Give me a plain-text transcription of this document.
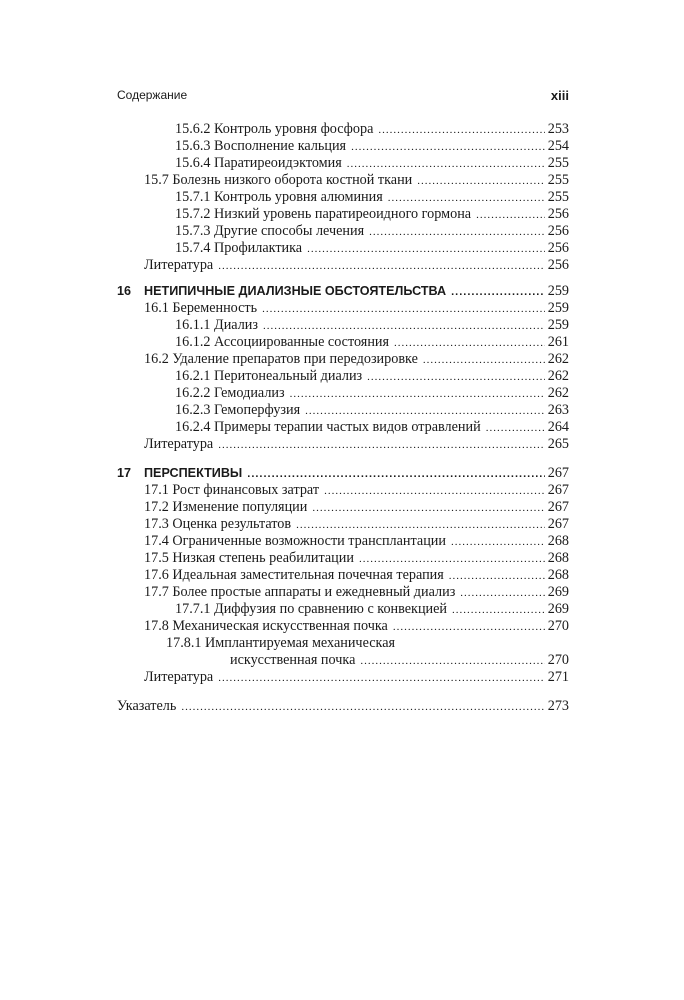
Содержание	xiii
15.6.2 Контроль уровня фосфора .....	253
15.6.3 Восполнение кальция .....	254
15.6.4 Паратиреоидэктомия .....	255
15.7 Болезнь низкого оборота костной ткани .....	255
15.7.1 Контроль уровня алюминия .....	255
15.7.2 Низкий уровень паратиреоидного гормона .....	256
15.7.3 Другие способы лечения .....	256
15.7.4 Профилактика .....	256
Литература .....	256
16 НЕТИПИЧНЫЕ ДИАЛИЗНЫЕ ОБСТОЯТЕЛЬСТВА .....	259
16.1 Беременность .....	259
16.1.1 Диализ .....	259
16.1.2 Ассоциированные состояния .....	261
16.2 Удаление препаратов при передозировке .....	262
16.2.1 Перитонеальный диализ .....	262
16.2.2 Гемодиализ .....	262
16.2.3 Гемоперфузия .....	263
16.2.4 Примеры терапии частых видов отравлений .....	264
Литература .....	265
17 ПЕРСПЕКТИВЫ .....	267
17.1 Рост финансовых затрат .....	267
17.2 Изменение популяции .....	267
17.3 Оценка результатов .....	267
17.4 Ограниченные возможности трансплантации .....	268
17.5 Низкая степень реабилитации .....	268
17.6 Идеальная заместительная почечная терапия .....	268
17.7 Более простые аппараты и ежедневный диализ .....	269
17.7.1 Диффузия по сравнению с конвекцией .....	269
17.8 Механическая искусственная почка .....	270
17.8.1 Имплантируемая механическая
искусственная почка .....	270
Литература .....	271
Указатель .....	273
